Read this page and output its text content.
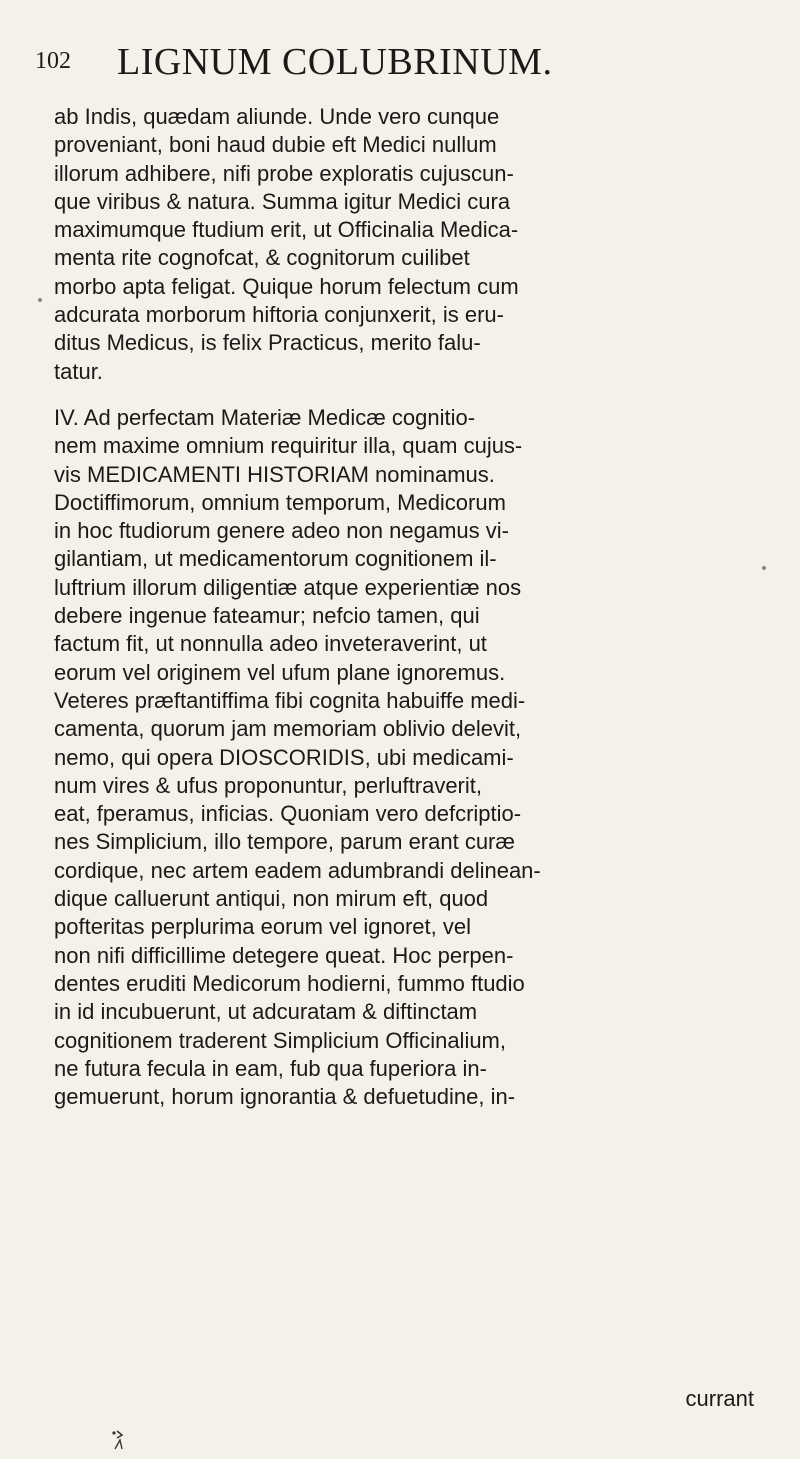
102 LIGNUM COLUBRINUM.
ab Indis, quædam aliunde. Unde vero cunque
proveniant, boni haud dubie eft Medici nullum
illorum adhibere, nifi probe exploratis cujuscun-
que viribus & natura. Summa igitur Medici cura
maximumque ftudium erit, ut Officinalia Medica-
menta rite cognofcat, & cognitorum cuilibet
morbo apta feligat. Quique horum felectum cum
adcurata morborum hiftoria conjunxerit, is eru-
ditus Medicus, is felix Practicus, merito falu-
tatur.
IV. Ad perfectam Materiæ Medicæ cognitio-
nem maxime omnium requiritur illa, quam cujus-
vis MEDICAMENTI HISTORIAM nominamus.
Doctiffimorum, omnium temporum, Medicorum
in hoc ftudiorum genere adeo non negamus vi-
gilantiam, ut medicamentorum cognitionem il-
luftrium illorum diligentiæ atque experientiæ nos
debere ingenue fateamur; nefcio tamen, qui
factum fit, ut nonnulla adeo inveteraverint, ut
eorum vel originem vel ufum plane ignoremus.
Veteres præftantiffima fibi cognita habuiffe medi-
camenta, quorum jam memoriam oblivio delevit,
nemo, qui opera DIOSCORIDIS, ubi medicami-
num vires & ufus proponuntur, perluftraverit,
eat, fperamus, inficias. Quoniam vero defcriptio-
nes Simplicium, illo tempore, parum erant curæ
cordique, nec artem eadem adumbrandi delinean-
dique calluerunt antiqui, non mirum eft, quod
pofteritas perplurima eorum vel ignoret, vel
non nifi difficillime detegere queat. Hoc perpen-
dentes eruditi Medicorum hodierni, fummo ftudio
in id incubuerunt, ut adcuratam & diftinctam
cognitionem traderent Simplicium Officinalium,
ne futura fecula in eam, fub qua fuperiora in-
gemuerunt, horum ignorantia & defuetudine, in-
currant
